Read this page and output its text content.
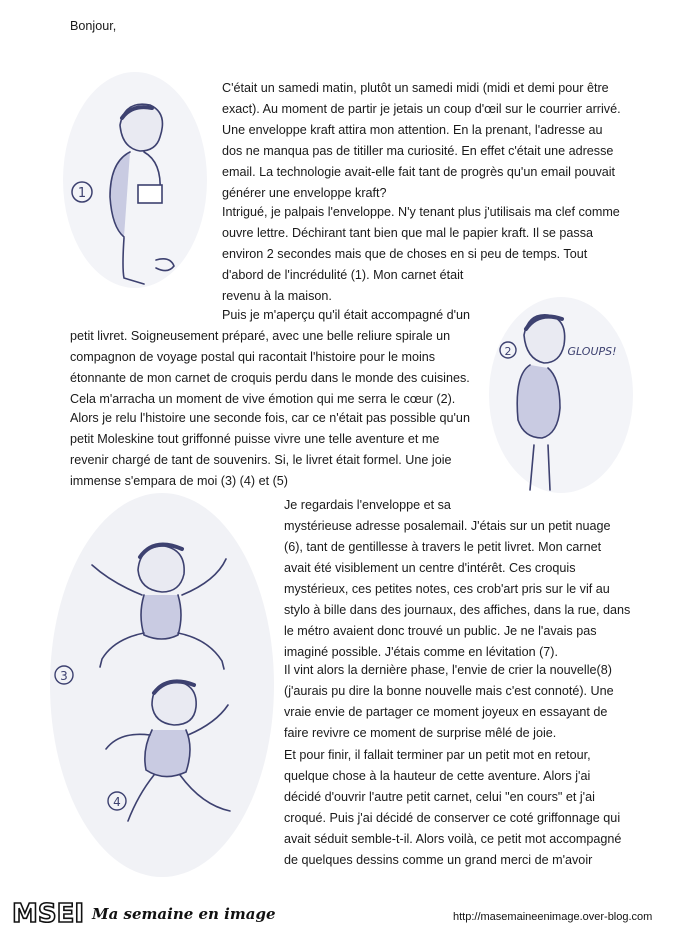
Bonjour,

C'était un samedi matin, plutôt un samedi midi (midi et demi pour être
exact). Au moment de partir je jetais un coup d'œil sur le courrier arrivé.
Une enveloppe kraft attira mon attention. En la prenant, l'adresse au
dos ne manqua pas de titiller ma curiosité. En effet c'était une adresse
email. La technologie avait-elle fait tant de progrès qu'un email pouvait
générer une enveloppe kraft?
Intrigué, je palpais l'enveloppe. N'y tenant plus j'utilisais ma clef comme
ouvre lettre. Déchirant tant bien que mal le papier kraft. Il se passa
environ 2 secondes mais que de choses en si peu de temps. Tout
d'abord de l'incrédulité (1). Mon carnet était
revenu à la maison.
Puis je m'aperçu qu'il était accompagné d'un
petit livret. Soigneusement préparé, avec une belle reliure spirale un
compagnon de voyage postal qui racontait l'histoire pour le moins
étonnante de mon carnet de croquis perdu dans le monde des cuisines.
Cela m'arracha un moment de vive émotion qui me serra le cœur (2).
Alors je relu l'histoire une seconde fois, car ce n'était pas possible qu'un
petit Moleskine tout griffonné puisse vivre une telle aventure et me
revenir chargé de tant de souvenirs. Si, le livret était formel. Une joie
immense s'empara de moi (3) (4) et (5)
Je regardais l'enveloppe et sa
mystérieuse adresse posalemail. J'étais sur un petit nuage
(6), tant de gentillesse à travers le petit livret. Mon carnet
avait été visiblement un centre d'intérêt. Ces croquis
mystérieux, ces petites notes, ces crob'art pris sur le vif au
stylo à bille dans des journaux, des affiches, dans la rue, dans
le métro avaient donc trouvé un public. Je ne l'avais pas
imaginé possible. J'étais comme en lévitation (7).
Il vint alors la dernière phase, l'envie de crier la nouvelle(8)
(j'aurais pu dire la bonne nouvelle mais c'est connoté). Une
vraie envie de partager ce moment joyeux en essayant de
faire revivre ce moment de surprise mêlé de joie.
Et pour finir, il fallait terminer par un petit mot en retour,
quelque chose à la hauteur de cette aventure. Alors j'ai
décidé d'ouvrir l'autre petit carnet, celui "en cours" et j'ai
croqué. Puis j'ai décidé de conserver ce coté griffonnage qui
avait séduit semble-t-il. Alors voilà, ce petit mot accompagné
de quelques dessins comme un grand merci de m'avoir
1
2	GLOUPS!
3
4
MSEI Ma semaine en image	http://masemaineenimage.over-blog.com
